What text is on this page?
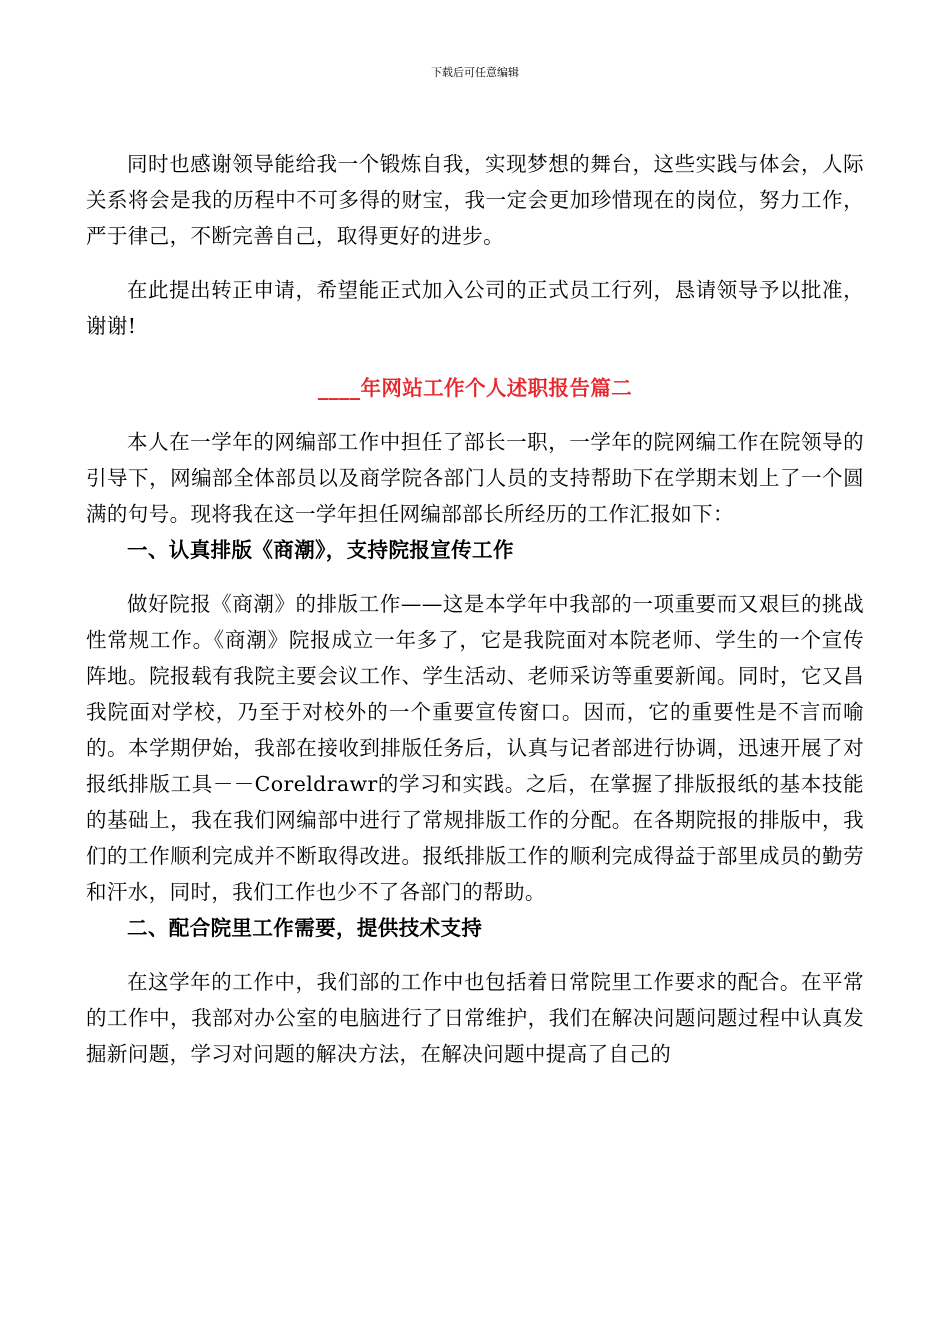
下载后可任意编辑

同时也感谢领导能给我一个锻炼自我，实现梦想的舞台，这些实践与体会，人际关系将会是我的历程中不可多得的财宝，我一定会更加珍惜现在的岗位，努力工作，严于律己，不断完善自己，取得更好的进步。

在此提出转正申请，希望能正式加入公司的正式员工行列，恳请领导予以批准，谢谢!

____年网站工作个人述职报告篇二

本人在一学年的网编部工作中担任了部长一职，一学年的院网编工作在院领导的引导下，网编部全体部员以及商学院各部门人员的支持帮助下在学期末划上了一个圆满的句号。现将我在这一学年担任网编部部长所经历的工作汇报如下：

一、认真排版《商潮》，支持院报宣传工作

做好院报《商潮》的排版工作——这是本学年中我部的一项重要而又艰巨的挑战性常规工作。《商潮》院报成立一年多了，它是我院面对本院老师、学生的一个宣传阵地。院报载有我院主要会议工作、学生活动、老师采访等重要新闻。同时，它又昌我院面对学校，乃至于对校外的一个重要宣传窗口。因而，它的重要性是不言而喻的。本学期伊始，我部在接收到排版任务后，认真与记者部进行协调，迅速开展了对报纸排版工具－－Coreldrawr的学习和实践。之后，在掌握了排版报纸的基本技能的基础上，我在我们网编部中进行了常规排版工作的分配。在各期院报的排版中，我们的工作顺利完成并不断取得改进。报纸排版工作的顺利完成得益于部里成员的勤劳和汗水，同时，我们工作也少不了各部门的帮助。

二、配合院里工作需要，提供技术支持

在这学年的工作中，我们部的工作中也包括着日常院里工作要求的配合。在平常的工作中，我部对办公室的电脑进行了日常维护，我们在解决问题问题过程中认真发掘新问题，学习对问题的解决方法，在解决问题中提高了自己的
